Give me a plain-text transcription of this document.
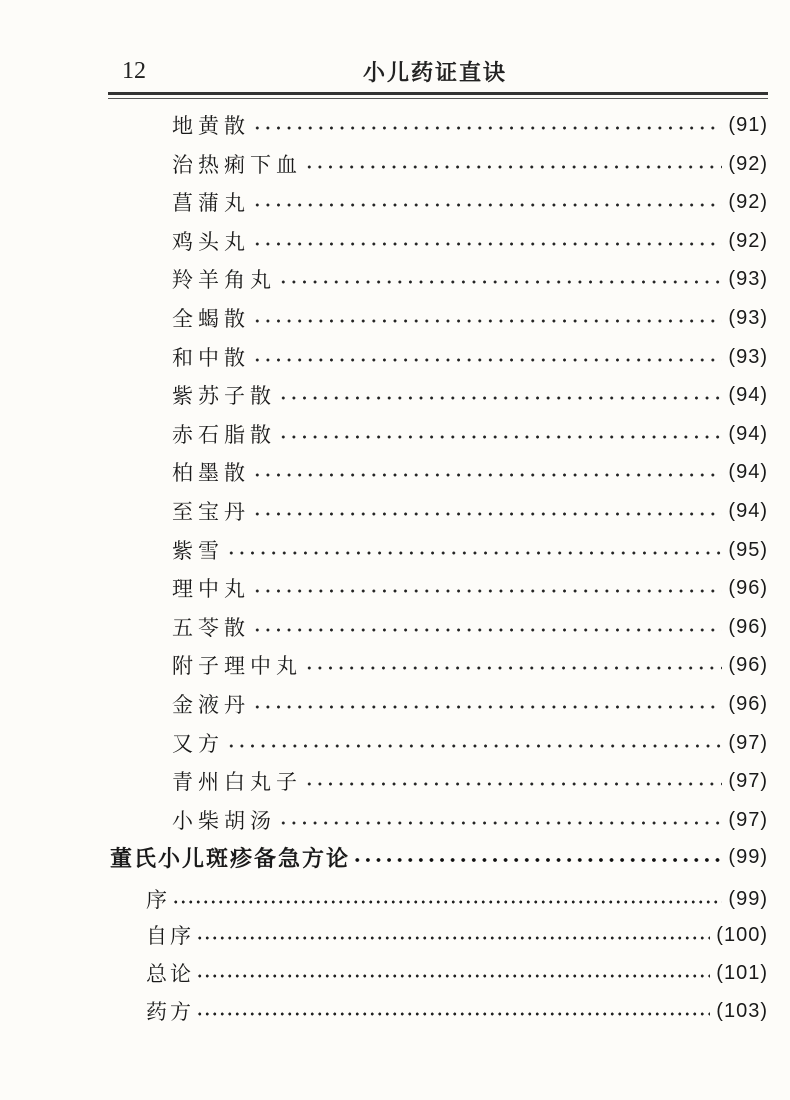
12	小儿药证直诀
地黄散	(91)
治热痢下血	(92)
菖蒲丸	(92)
鸡头丸	(92)
羚羊角丸	(93)
全蝎散	(93)
和中散	(93)
紫苏子散	(94)
赤石脂散	(94)
柏墨散	(94)
至宝丹	(94)
紫雪	(95)
理中丸	(96)
五苓散	(96)
附子理中丸	(96)
金液丹	(96)
又方	(97)
青州白丸子	(97)
小柴胡汤	(97)
董氏小儿斑疹备急方论	(99)
序	(99)
自序	(100)
总论	(101)
药方	(103)
